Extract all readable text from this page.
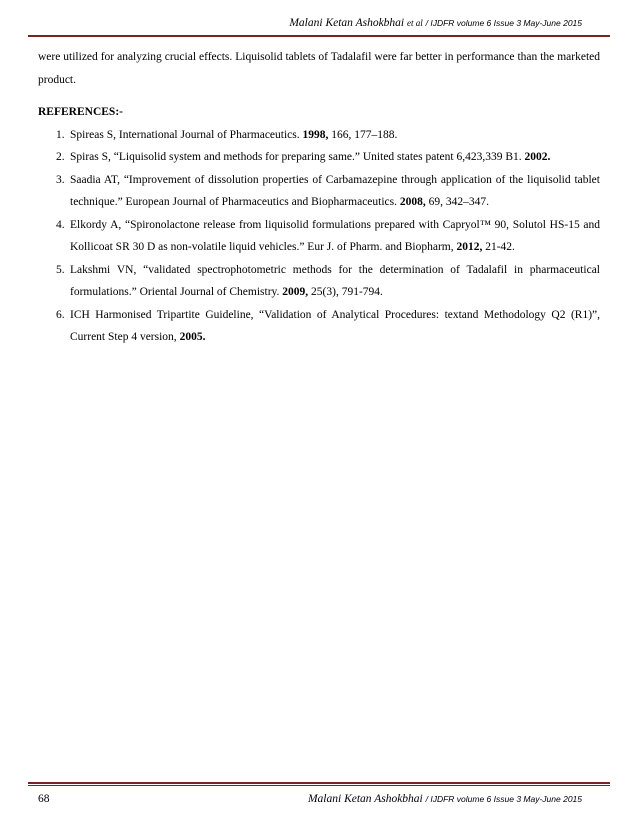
Malani Ketan Ashokbhai et al / IJDFR volume 6 Issue 3 May-June 2015

were utilized for analyzing crucial effects. Liquisolid tablets of Tadalafil were far better in performance than the marketed product.

REFERENCES:-
1. Spireas S, International Journal of Pharmaceutics. 1998, 166, 177–188.
2. Spiras S, “Liquisolid system and methods for preparing same.” United states patent 6,423,339 B1. 2002.
3. Saadia AT, “Improvement of dissolution properties of Carbamazepine through application of the liquisolid tablet technique.” European Journal of Pharmaceutics and Biopharmaceutics. 2008, 69, 342–347.
4. Elkordy A, “Spironolactone release from liquisolid formulations prepared with Capryol™ 90, Solutol HS-15 and Kollicoat SR 30 D as non-volatile liquid vehicles.” Eur J. of Pharm. and Biopharm, 2012, 21-42.
5. Lakshmi VN, “validated spectrophotometric methods for the determination of Tadalafil in pharmaceutical formulations.” Oriental Journal of Chemistry. 2009, 25(3), 791-794.
6. ICH Harmonised Tripartite Guideline, “Validation of Analytical Procedures: textand Methodology Q2 (R1)”, Current Step 4 version, 2005.
68	Malani Ketan Ashokbhai / IJDFR volume 6 Issue 3 May-June 2015
